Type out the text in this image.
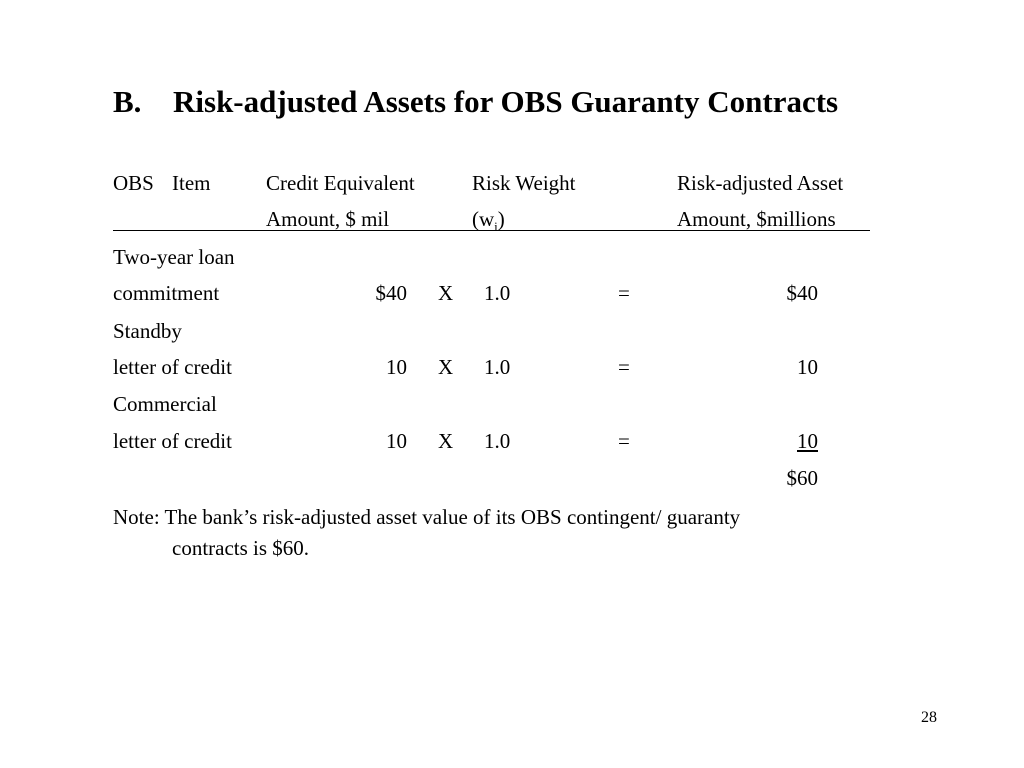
B. Risk-adjusted Assets for OBS Guaranty Contracts
OBS Item	Credit Equivalent	Risk Weight	Risk-adjusted Asset
Amount, $ mil	$(w_i)$	Amount, $millions
Two-year loan
commitment	$40 X 1.0	=	$40
Standby
letter of credit	10 X 1.0	=	10
Commercial
letter of credit	10 X 1.0	=	10
$60
Note: The bank’s risk-adjusted asset value of its OBS contingent/ guaranty
contracts is $60.
28
